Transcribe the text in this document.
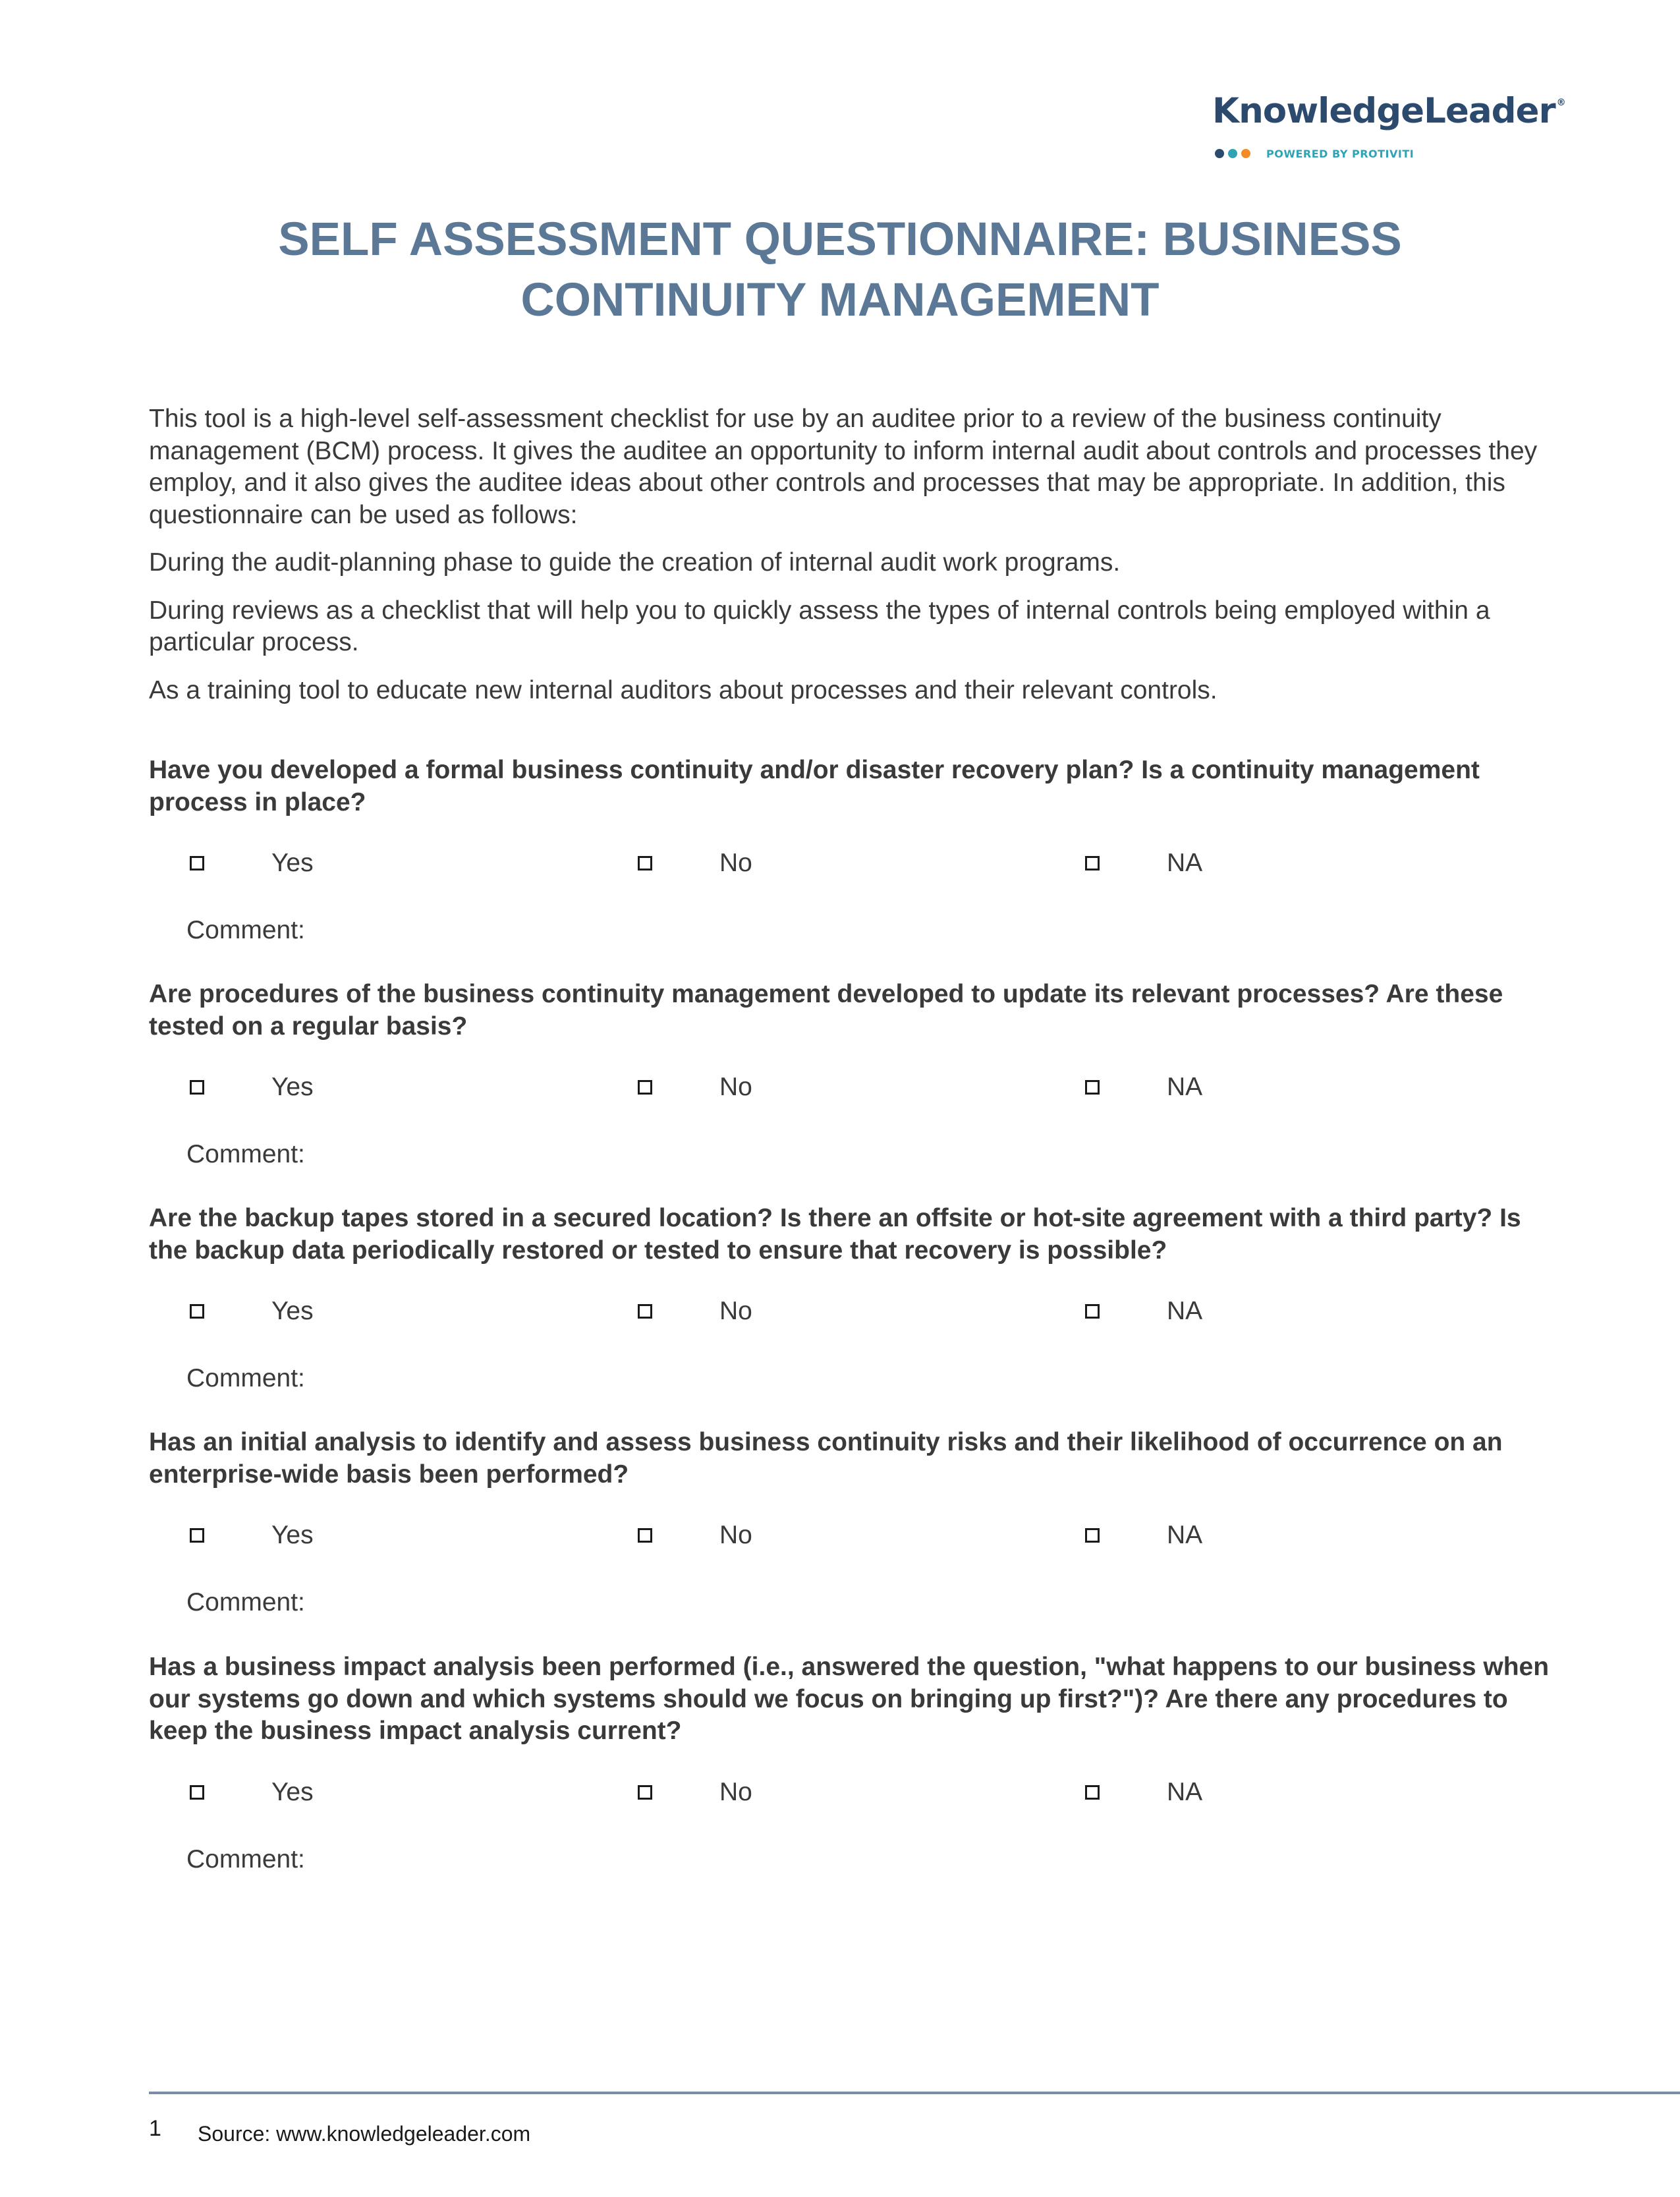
KnowledgeLeader ®
POWERED BY PROTIVITI
SELF ASSESSMENT QUESTIONNAIRE: BUSINESS CONTINUITY MANAGEMENT

This tool is a high-level self-assessment checklist for use by an auditee prior to a review of the business continuity management (BCM) process. It gives the auditee an opportunity to inform internal audit about controls and processes they employ, and it also gives the auditee ideas about other controls and processes that may be appropriate. In addition, this questionnaire can be used as follows:

During the audit-planning phase to guide the creation of internal audit work programs.

During reviews as a checklist that will help you to quickly assess the types of internal controls being employed within a particular process.

As a training tool to educate new internal auditors about processes and their relevant controls.

Have you developed a formal business continuity and/or disaster recovery plan? Is a continuity management process in place?

Yes	No	NA
Comment:

Are procedures of the business continuity management developed to update its relevant processes? Are these tested on a regular basis?

Yes	No	NA
Comment:

Are the backup tapes stored in a secured location? Is there an offsite or hot-site agreement with a third party? Is the backup data periodically restored or tested to ensure that recovery is possible?

Yes	No	NA
Comment:

Has an initial analysis to identify and assess business continuity risks and their likelihood of occurrence on an enterprise-wide basis been performed?

Yes	No	NA
Comment:

Has a business impact analysis been performed (i.e., answered the question, "what happens to our business when our systems go down and which systems should we focus on bringing up first?")? Are there any procedures to keep the business impact analysis current?

Yes	No	NA
Comment:
1 Source: www.knowledgeleader.com
